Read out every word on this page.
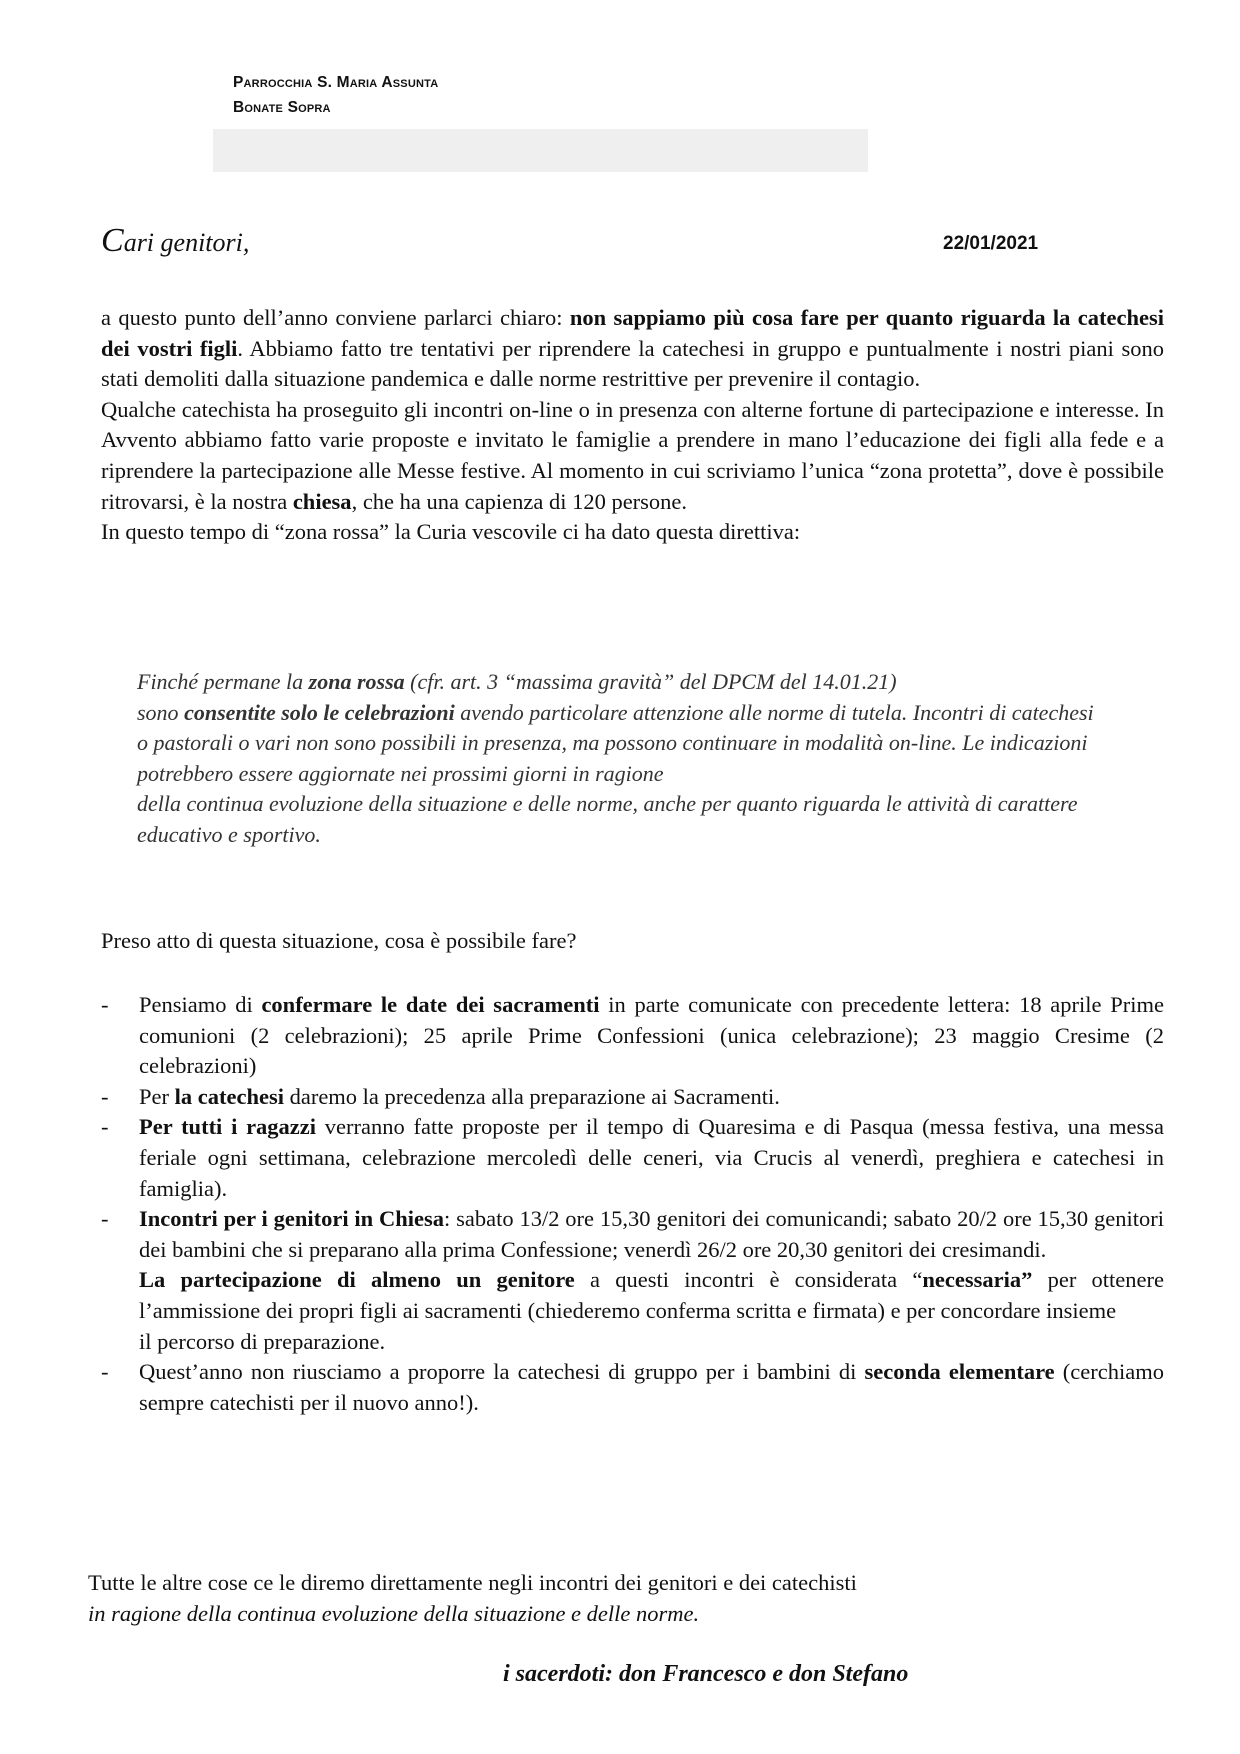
Parrocchia S. Maria Assunta
Bonate Sopra
Cari genitori,	22/01/2021

a questo punto dell’anno conviene parlarci chiaro: non sappiamo più cosa fare per quanto riguarda la catechesi dei vostri figli. Abbiamo fatto tre tentativi per riprendere la catechesi in gruppo e puntualmente i nostri piani sono stati demoliti dalla situazione pandemica e dalle norme restrittive per prevenire il contagio.

Qualche catechista ha proseguito gli incontri on-line o in presenza con alterne fortune di partecipazione e interesse. In Avvento abbiamo fatto varie proposte e invitato le famiglie a prendere in mano l’educazione dei figli alla fede e a riprendere la partecipazione alle Messe festive. Al momento in cui scriviamo l’unica “zona protetta”, dove è possibile ritrovarsi, è la nostra chiesa, che ha una capienza di 120 persone.

In questo tempo di “zona rossa” la Curia vescovile ci ha dato questa direttiva:

Finché permane la zona rossa (cfr. art. 3 “massima gravità” del DPCM del 14.01.21)

sono consentite solo le celebrazioni avendo particolare attenzione alle norme di tutela. Incontri di catechesi o pastorali o vari non sono possibili in presenza, ma possono continuare in modalità on-line. Le indicazioni potrebbero essere aggiornate nei prossimi giorni in ragione

della continua evoluzione della situazione e delle norme, anche per quanto riguarda le attività di carattere educativo e sportivo.

Preso atto di questa situazione, cosa è possibile fare?
- Pensiamo di confermare le date dei sacramenti in parte comunicate con precedente lettera: 18 aprile Prime comunioni (2 celebrazioni); 25 aprile Prime Confessioni (unica celebrazione); 23 maggio Cresime (2 celebrazioni)
- Per la catechesi daremo la precedenza alla preparazione ai Sacramenti.
- Per tutti i ragazzi verranno fatte proposte per il tempo di Quaresima e di Pasqua (messa festiva, una messa feriale ogni settimana, celebrazione mercoledì delle ceneri, via Crucis al venerdì, preghiera e catechesi in famiglia).

- Incontri per i genitori in Chiesa: sabato 13/2 ore 15,30 genitori dei comunicandi; sabato 20/2 ore 15,30 genitori dei bambini che si preparano alla prima Confessione; venerdì 26/2 ore 20,30 genitori dei cresimandi.

La partecipazione di almeno un genitore a questi incontri è considerata “necessaria” per ottenere l’ammissione dei propri figli ai sacramenti (chiederemo conferma scritta e firmata) e per concordare insieme

il percorso di preparazione.

- Quest’anno non riusciamo a proporre la catechesi di gruppo per i bambini di seconda elementare (cerchiamo sempre catechisti per il nuovo anno!).

Tutte le altre cose ce le diremo direttamente negli incontri dei genitori e dei catechisti

in ragione della continua evoluzione della situazione e delle norme.

i sacerdoti: don Francesco e don Stefano
